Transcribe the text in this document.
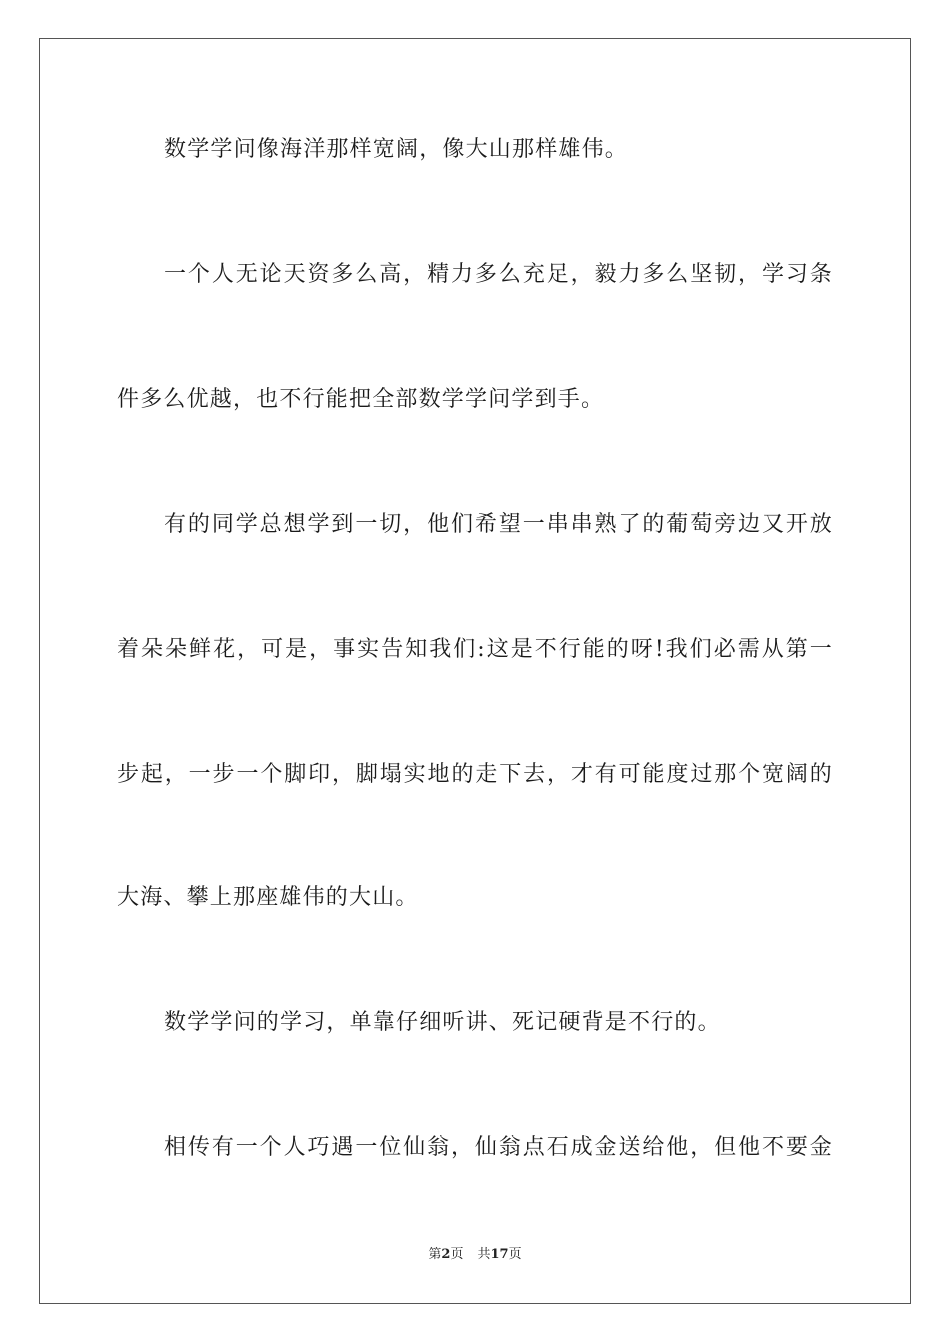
数学学问像海洋那样宽阔，像大山那样雄伟。
一个人无论天资多么高，精力多么充足，毅力多么坚韧，学习条
件多么优越，也不行能把全部数学学问学到手。
有的同学总想学到一切，他们希望一串串熟了的葡萄旁边又开放
着朵朵鲜花，可是，事实告知我们:这是不行能的呀!我们必需从第一
步起，一步一个脚印，脚塌实地的走下去，才有可能度过那个宽阔的
大海、攀上那座雄伟的大山。
数学学问的学习，单靠仔细听讲、死记硬背是不行的。
相传有一个人巧遇一位仙翁，仙翁点石成金送给他，但他不要金
第2页 共17页
